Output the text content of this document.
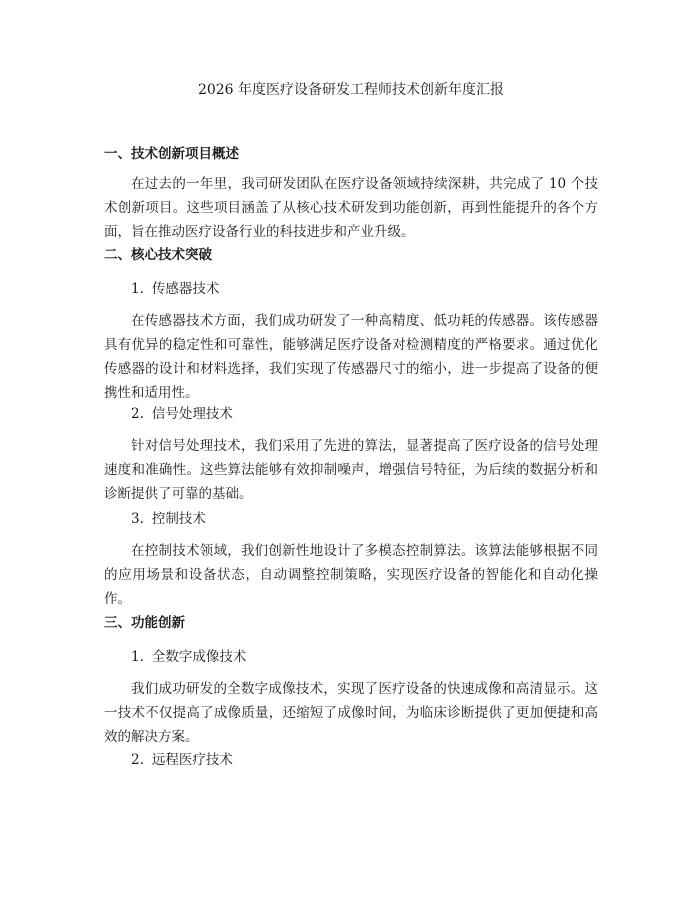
2026 年度医疗设备研发工程师技术创新年度汇报
一、技术创新项目概述

在过去的一年里，我司研发团队在医疗设备领域持续深耕，共完成了 10 个技术创新项目。这些项目涵盖了从核心技术研发到功能创新，再到性能提升的各个方面，旨在推动医疗设备行业的科技进步和产业升级。

二、核心技术突破
1. 传感器技术

在传感器技术方面，我们成功研发了一种高精度、低功耗的传感器。该传感器具有优异的稳定性和可靠性，能够满足医疗设备对检测精度的严格要求。通过优化传感器的设计和材料选择，我们实现了传感器尺寸的缩小，进一步提高了设备的便携性和适用性。

2. 信号处理技术

针对信号处理技术，我们采用了先进的算法，显著提高了医疗设备的信号处理速度和准确性。这些算法能够有效抑制噪声，增强信号特征，为后续的数据分析和诊断提供了可靠的基础。

3. 控制技术

在控制技术领域，我们创新性地设计了多模态控制算法。该算法能够根据不同的应用场景和设备状态，自动调整控制策略，实现医疗设备的智能化和自动化操作。

三、功能创新
1. 全数字成像技术

我们成功研发的全数字成像技术，实现了医疗设备的快速成像和高清显示。这一技术不仅提高了成像质量，还缩短了成像时间，为临床诊断提供了更加便捷和高效的解决方案。

2. 远程医疗技术
